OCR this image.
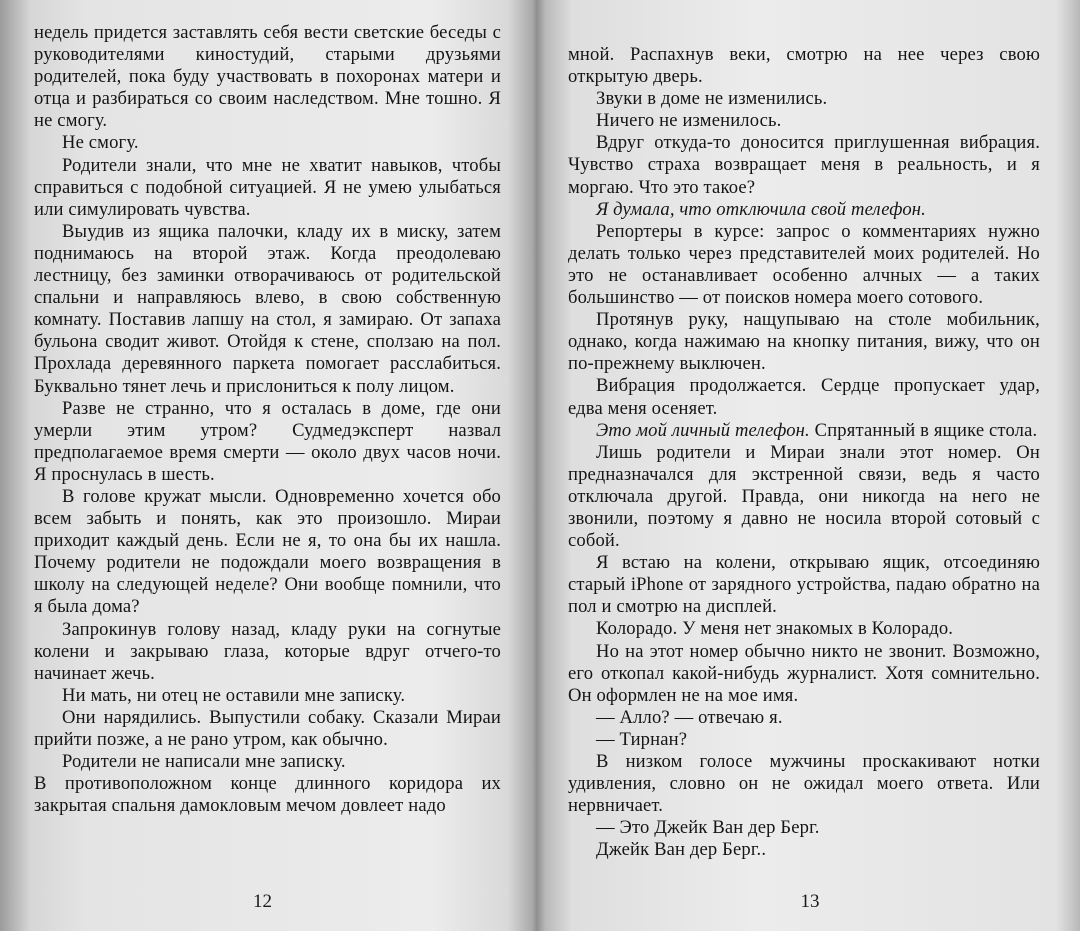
недель придется заставлять себя вести светские беседы с руководителями киностудий, старыми друзьями родителей, пока буду участвовать в похоронах матери и отца и разбираться со своим наследством. Мне тошно. Я не смогу.

Не смогу.

Родители знали, что мне не хватит навыков, чтобы справиться с подобной ситуацией. Я не умею улыбаться или симулировать чувства.

Выудив из ящика палочки, кладу их в миску, затем поднимаюсь на второй этаж. Когда преодолеваю лестницу, без заминки отворачиваюсь от родительской спальни и направляюсь влево, в свою собственную комнату. Поставив лапшу на стол, я замираю. От запаха бульона сводит живот. Отойдя к стене, сползаю на пол. Прохлада деревянного паркета помогает расслабиться. Буквально тянет лечь и прислониться к полу лицом.

Разве не странно, что я осталась в доме, где они умерли этим утром? Судмедэксперт назвал предполагаемое время смерти — около двух часов ночи. Я проснулась в шесть.

В голове кружат мысли. Одновременно хочется обо всем забыть и понять, как это произошло. Мираи приходит каждый день. Если не я, то она бы их нашла. Почему родители не подождали моего возвращения в школу на следующей неделе? Они вообще помнили, что я была дома?

Запрокинув голову назад, кладу руки на согнутые колени и закрываю глаза, которые вдруг отчего-то начинает жечь.

Ни мать, ни отец не оставили мне записку.

Они нарядились. Выпустили собаку. Сказали Мираи прийти позже, а не рано утром, как обычно.

Родители не написали мне записку.

В противоположном конце длинного коридора их закрытая спальня дамокловым мечом довлеет надо

12

мной. Распахнув веки, смотрю на нее через свою открытую дверь.

Звуки в доме не изменились.

Ничего не изменилось.

Вдруг откуда-то доносится приглушенная вибрация. Чувство страха возвращает меня в реальность, и я моргаю. Что это такое?

Я думала, что отключила свой телефон.

Репортеры в курсе: запрос о комментариях нужно делать только через представителей моих родителей. Но это не останавливает особенно алчных — а таких большинство — от поисков номера моего сотового.

Протянув руку, нащупываю на столе мобильник, однако, когда нажимаю на кнопку питания, вижу, что он по-прежнему выключен.

Вибрация продолжается. Сердце пропускает удар, едва меня осеняет.

Это мой личный телефон. Спрятанный в ящике стола.

Лишь родители и Мираи знали этот номер. Он предназначался для экстренной связи, ведь я часто отключала другой. Правда, они никогда на него не звонили, поэтому я давно не носила второй сотовый с собой.

Я встаю на колени, открываю ящик, отсоединяю старый iPhone от зарядного устройства, падаю обратно на пол и смотрю на дисплей.

Колорадо. У меня нет знакомых в Колорадо.

Но на этот номер обычно никто не звонит. Возможно, его откопал какой-нибудь журналист. Хотя сомнительно. Он оформлен не на мое имя.

— Алло? — отвечаю я.

— Тирнан?

В низком голосе мужчины проскакивают нотки удивления, словно он не ожидал моего ответа. Или нервничает.

— Это Джейк Ван дер Берг.

Джейк Ван дер Берг..

13
